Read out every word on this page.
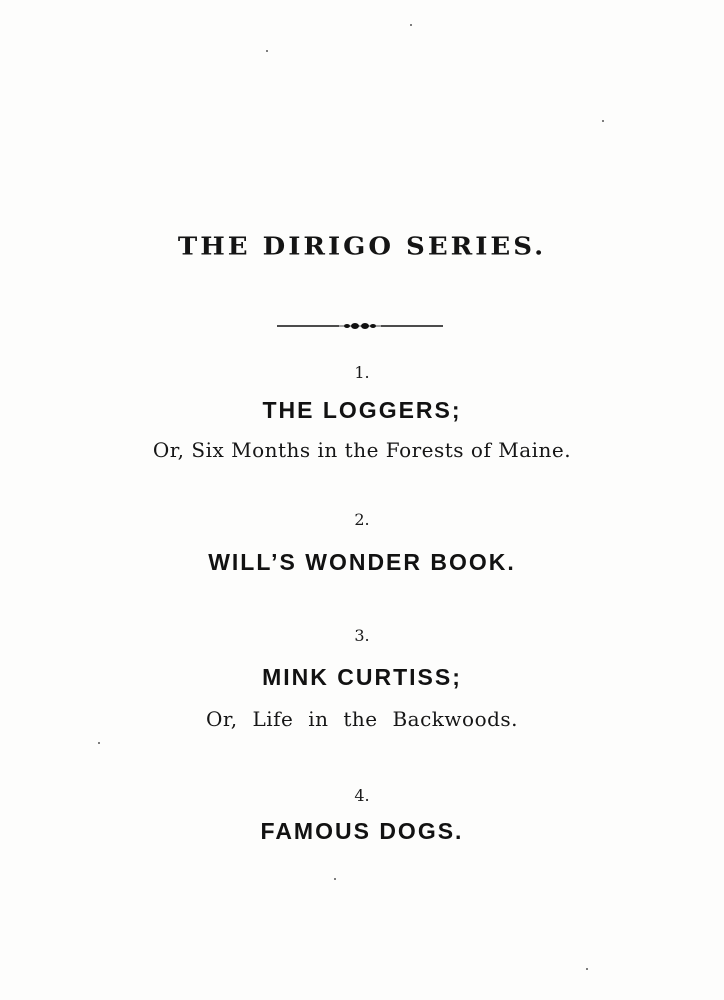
THE DIRIGO SERIES.
1.
THE LOGGERS;
Or, Six Months in the Forests of Maine.
2.
WILL’S WONDER BOOK.
3.
MINK CURTISS;
Or, Life in the Backwoods.
4.
FAMOUS DOGS.
